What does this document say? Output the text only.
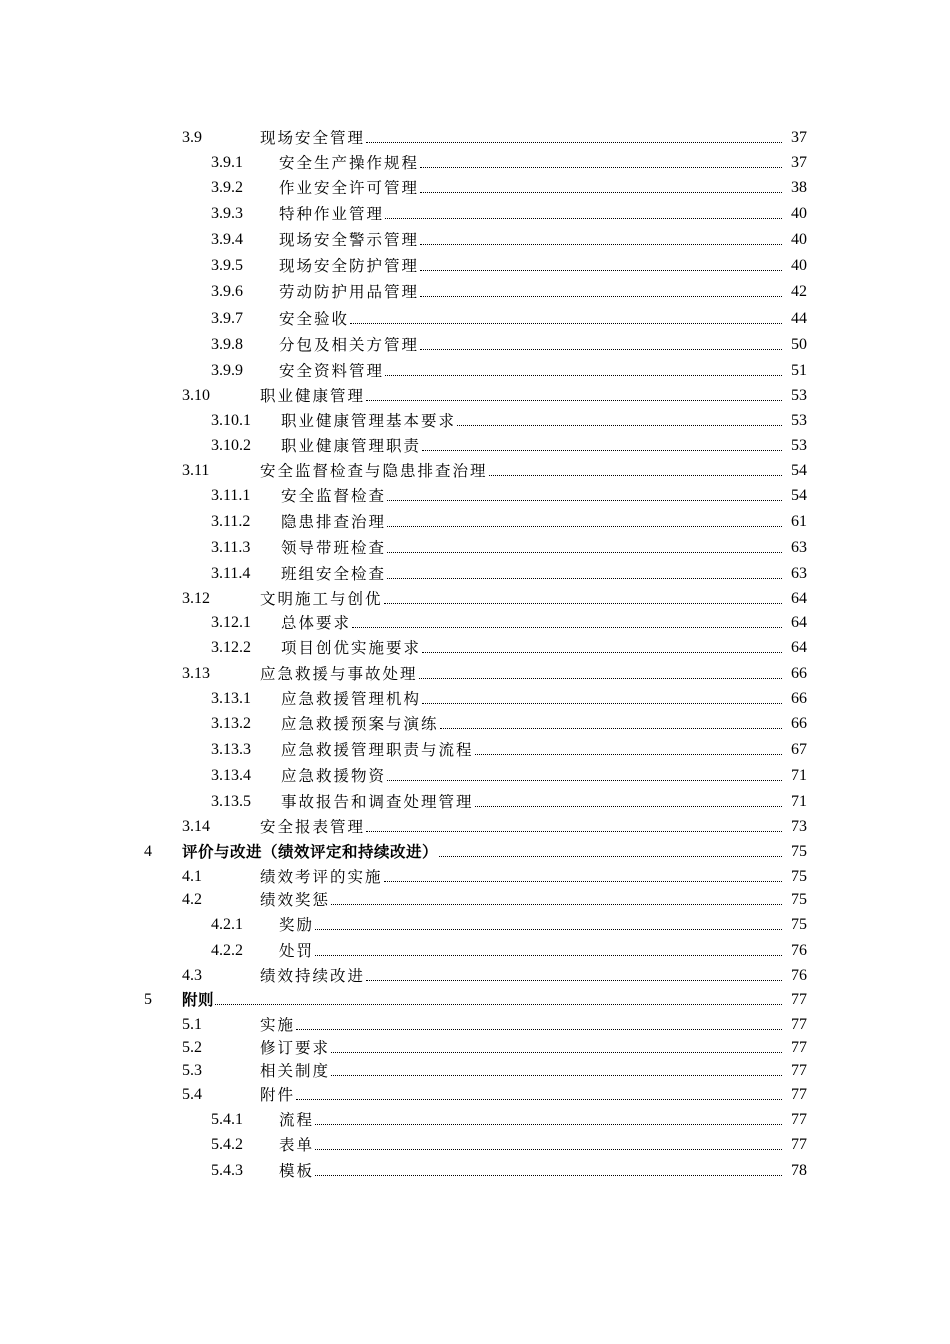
3.9	现场安全管理	37
3.9.1 安全生产操作规程	37
3.9.2 作业安全许可管理	38
3.9.3 特种作业管理	40
3.9.4 现场安全警示管理	40
3.9.5 现场安全防护管理	40
3.9.6 劳动防护用品管理	42
3.9.7 安全验收	44
3.9.8 分包及相关方管理	50
3.9.9 安全资料管理	51
3.10	职业健康管理	53
3.10.1 职业健康管理基本要求	53
3.10.2 职业健康管理职责	53
3.11	安全监督检查与隐患排查治理	54
3.11.1 安全监督检查	54
3.11.2 隐患排查治理	61
3.11.3 领导带班检查	63
3.11.4 班组安全检查	63
3.12	文明施工与创优	64
3.12.1 总体要求	64
3.12.2 项目创优实施要求	64
3.13	应急救援与事故处理	66
3.13.1 应急救援管理机构	66
3.13.2 应急救援预案与演练	66
3.13.3 应急救援管理职责与流程	67
3.13.4 应急救援物资	71
3.13.5 事故报告和调查处理管理	71
3.14	安全报表管理	73
4 评价与改进（绩效评定和持续改进）	75
4.1	绩效考评的实施	75
4.2	绩效奖惩	75
4.2.1 奖励	75
4.2.2 处罚	76
4.3	绩效持续改进	76
5 附则	77
5.1	实施	77
5.2	修订要求	77
5.3	相关制度	77
5.4	附件	77
5.4.1 流程	77
5.4.2 表单	77
5.4.3 模板	78
